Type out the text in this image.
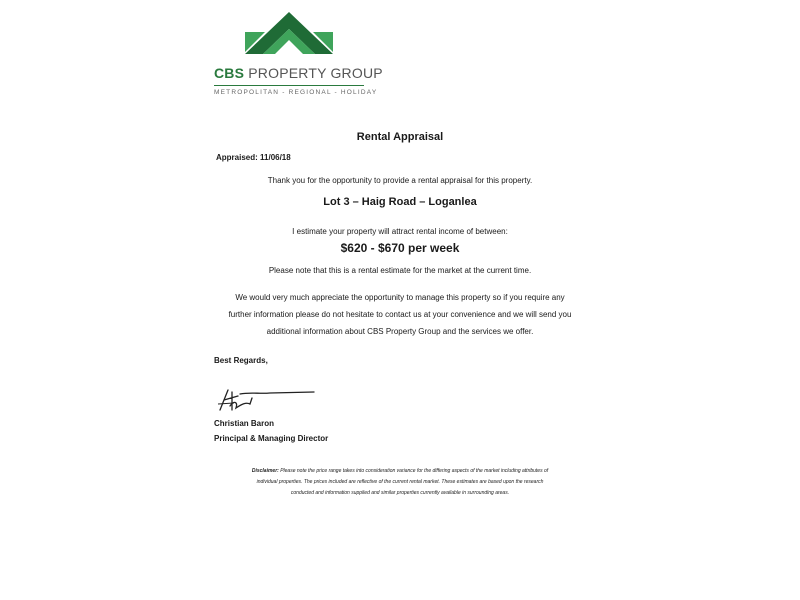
CBS PROPERTY GROUP
METROPOLITAN - REGIONAL - HOLIDAY
Rental Appraisal
Appraised: 11/06/18
Thank you for the opportunity to provide a rental appraisal for this property.
Lot 3 – Haig Road – Loganlea
I estimate your property will attract rental income of between:
$620 - $670 per week
Please note that this is a rental estimate for the market at the current time.
We would very much appreciate the opportunity to manage this property so if you require any
further information please do not hesitate to contact us at your convenience and we will send you
additional information about CBS Property Group and the services we offer.
Best Regards,
Christian Baron
Principal & Managing Director
Disclaimer: Please note the price range takes into consideration variance for the differing aspects of the market including attributes of
individual properties. The prices included are reflective of the current rental market. These estimates are based upon the research
conducted and information supplied and similar properties currently available in surrounding areas.
